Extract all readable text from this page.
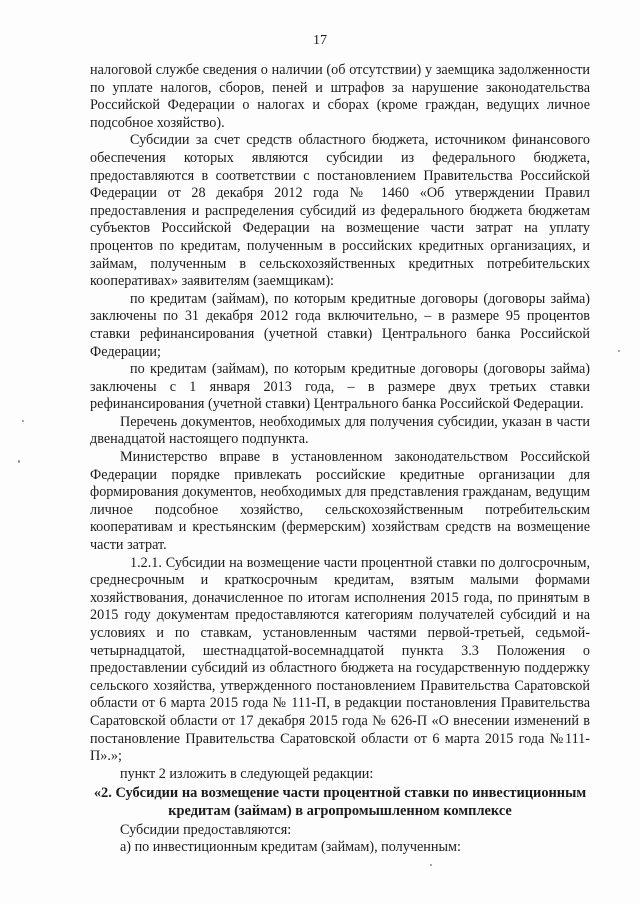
17

налоговой службе сведения о наличии (об отсутствии) у заемщика задолженности по уплате налогов, сборов, пеней и штрафов за нарушение законодательства Российской Федерации о налогах и сборах (кроме граждан, ведущих личное подсобное хозяйство).

Субсидии за счет средств областного бюджета, источником финансового обеспечения которых являются субсидии из федерального бюджета, предоставляются в соответствии с постановлением Правительства Российской Федерации от 28 декабря 2012 года № 1460 «Об утверждении Правил предоставления и распределения субсидий из федерального бюджета бюджетам субъектов Российской Федерации на возмещение части затрат на уплату процентов по кредитам, полученным в российских кредитных организациях, и займам, полученным в сельскохозяйственных кредитных потребительских кооперативах» заявителям (заемщикам):

по кредитам (займам), по которым кредитные договоры (договоры займа) заключены по 31 декабря 2012 года включительно, – в размере 95 процентов ставки рефинансирования (учетной ставки) Центрального банка Российской Федерации;

по кредитам (займам), по которым кредитные договоры (договоры займа) заключены с 1 января 2013 года, – в размере двух третьих ставки рефинансирования (учетной ставки) Центрального банка Российской Федерации.

Перечень документов, необходимых для получения субсидии, указан в части двенадцатой настоящего подпункта.

Министерство вправе в установленном законодательством Российской Федерации порядке привлекать российские кредитные организации для формирования документов, необходимых для представления гражданам, ведущим личное подсобное хозяйство, сельскохозяйственным потребительским кооперативам и крестьянским (фермерским) хозяйствам средств на возмещение части затрат.

1.2.1. Субсидии на возмещение части процентной ставки по долгосрочным, среднесрочным и краткосрочным кредитам, взятым малыми формами хозяйствования, доначисленное по итогам исполнения 2015 года, по принятым в 2015 году документам предоставляются категориям получателей субсидий и на условиях и по ставкам, установленным частями первой-третьей, седьмой-четырнадцатой, шестнадцатой-восемнадцатой пункта 3.3 Положения о предоставлении субсидий из областного бюджета на государственную поддержку сельского хозяйства, утвержденного постановлением Правительства Саратовской области от 6 марта 2015 года № 111-П, в редакции постановления Правительства Саратовской области от 17 декабря 2015 года № 626-П «О внесении изменений в постановление Правительства Саратовской области от 6 марта 2015 года №111-П».»;

пункт 2 изложить в следующей редакции:

«2. Субсидии на возмещение части процентной ставки по инвестиционным кредитам (займам) в агропромышленном комплексе

Субсидии предоставляются:

а) по инвестиционным кредитам (займам), полученным:
